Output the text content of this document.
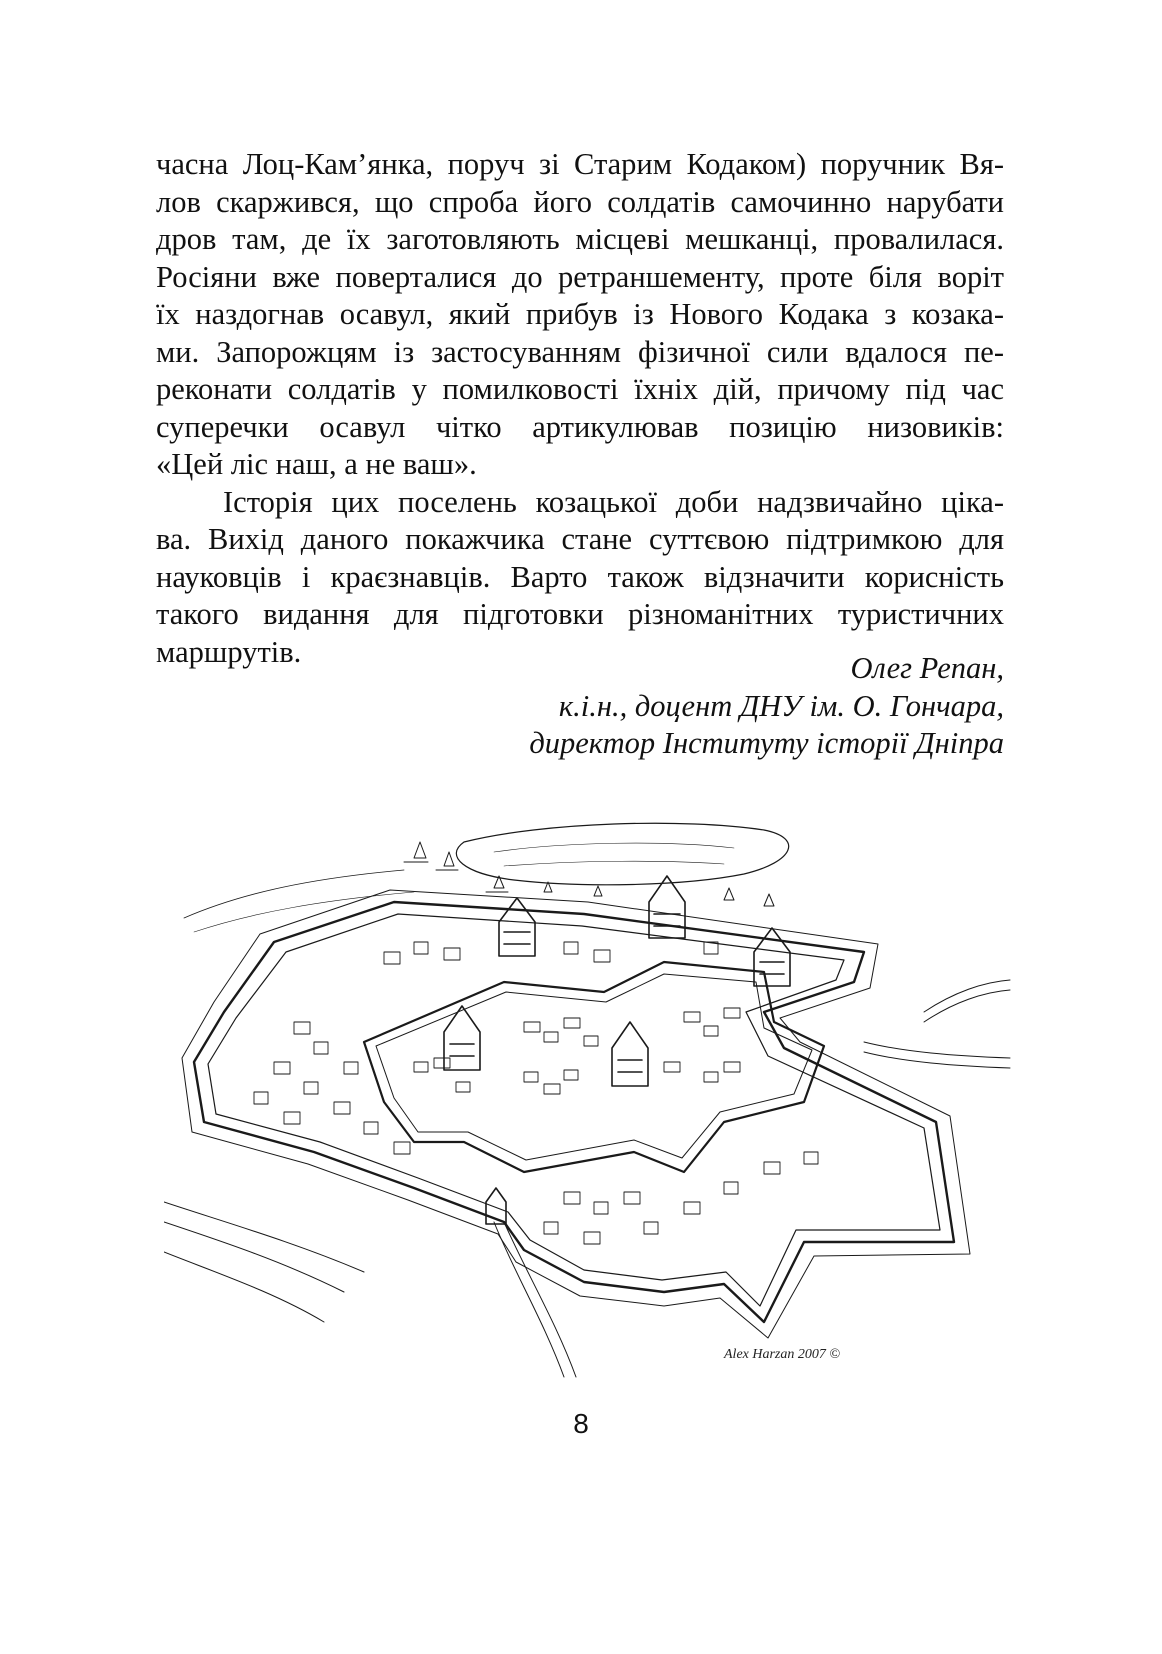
часна Лоц-Кам’янка, поруч зі Старим Кодаком) поручник Вя-
лов скаржився, що спроба його солдатів самочинно нарубати
дров там, де їх заготовляють місцеві мешканці, провалилася.
Росіяни вже поверталися до ретраншементу, проте біля воріт
їх наздогнав осавул, який прибув із Нового Кодака з козака-
ми. Запорожцям із застосуванням фізичної сили вдалося пе-
реконати солдатів у помилковості їхніх дій, причому під час
суперечки осавул чітко артикулював позицію низовиків:
«Цей ліс наш, а не ваш».
Історія цих поселень козацької доби надзвичайно ціка-
ва. Вихід даного покажчика стане суттєвою підтримкою для
науковців і краєзнавців. Варто також відзначити корисність
такого видання для підготовки різноманітних туристичних
маршрутів.	Олег Репан,
к.і.н., доцент ДНУ ім. О. Гончара,
директор Інституту історії Дніпра
Alex Harzan 2007 ©
8
